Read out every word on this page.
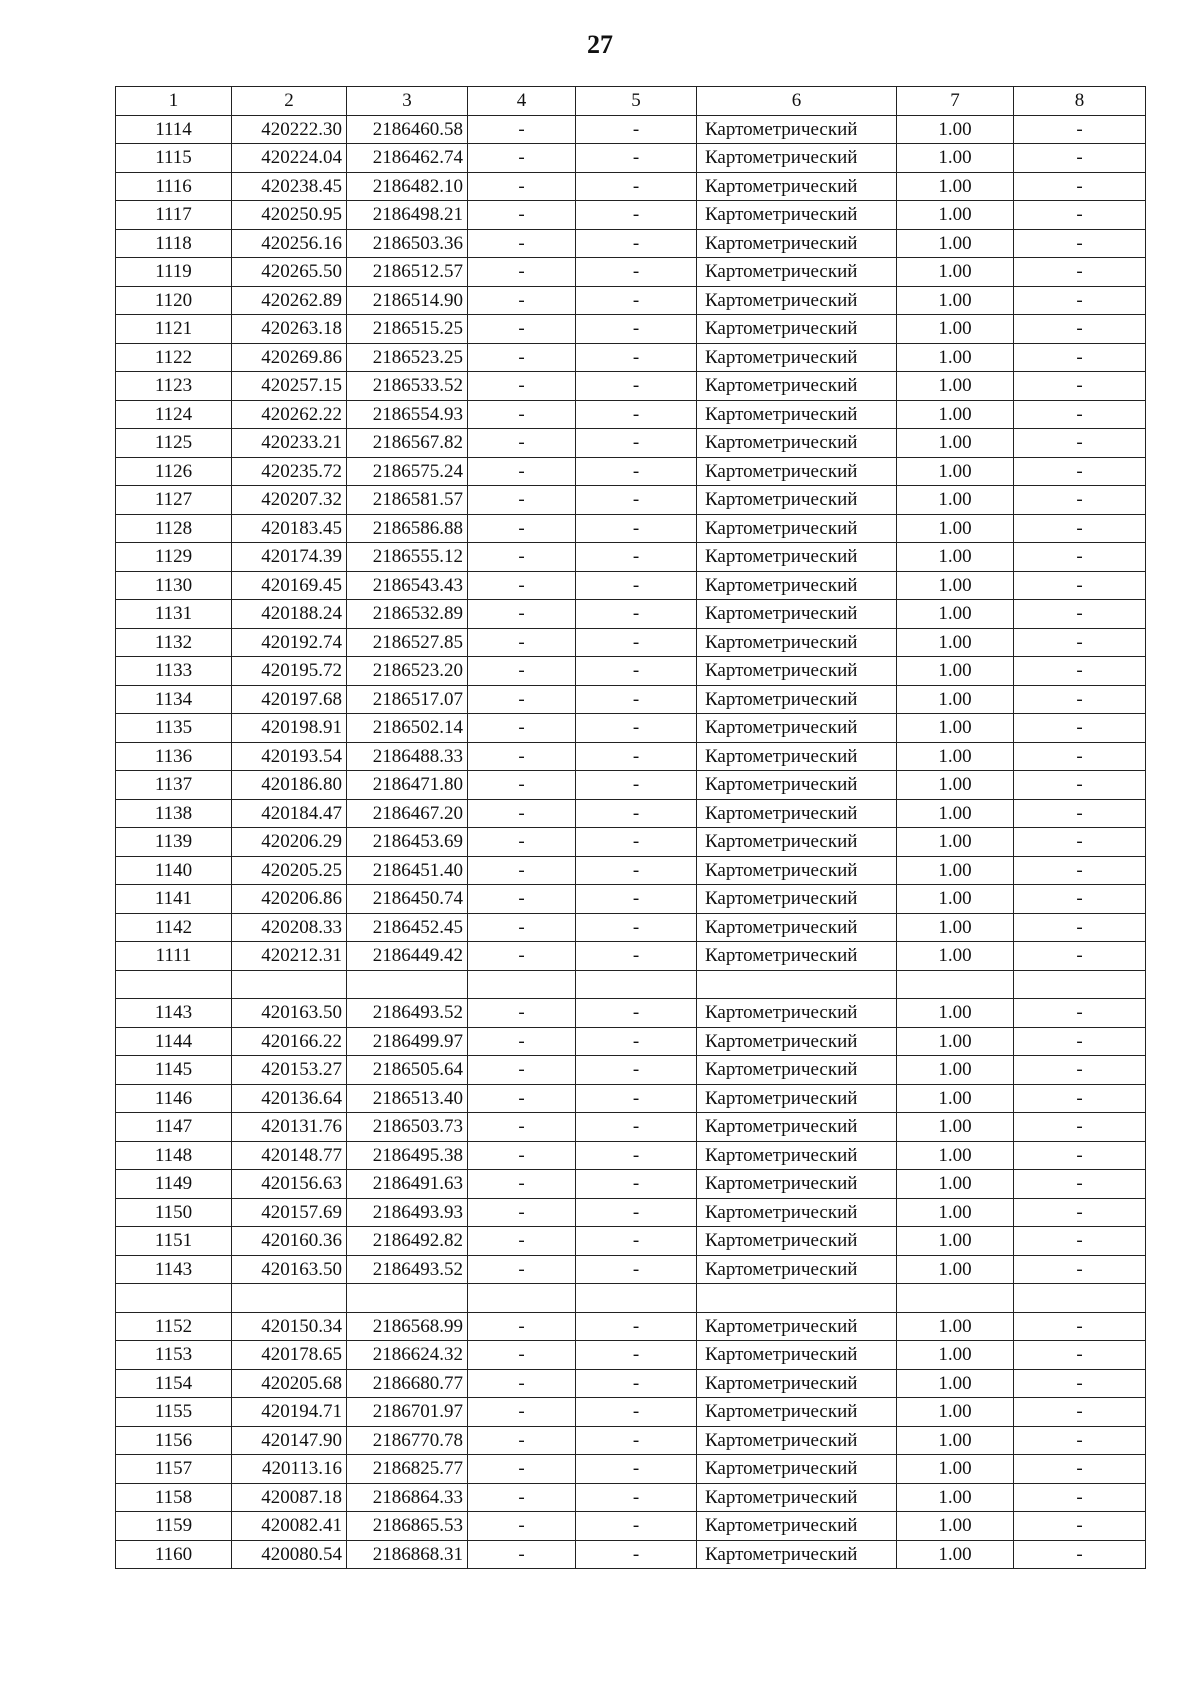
27
1	2	3	4	5	6	7	8
1114	420222.30	2186460.58	-	-	Картометрический	1.00	-
1115	420224.04	2186462.74	-	-	Картометрический	1.00	-
1116	420238.45	2186482.10	-	-	Картометрический	1.00	-
1117	420250.95	2186498.21	-	-	Картометрический	1.00	-
1118	420256.16	2186503.36	-	-	Картометрический	1.00	-
1119	420265.50	2186512.57	-	-	Картометрический	1.00	-
1120	420262.89	2186514.90	-	-	Картометрический	1.00	-
1121	420263.18	2186515.25	-	-	Картометрический	1.00	-
1122	420269.86	2186523.25	-	-	Картометрический	1.00	-
1123	420257.15	2186533.52	-	-	Картометрический	1.00	-
1124	420262.22	2186554.93	-	-	Картометрический	1.00	-
1125	420233.21	2186567.82	-	-	Картометрический	1.00	-
1126	420235.72	2186575.24	-	-	Картометрический	1.00	-
1127	420207.32	2186581.57	-	-	Картометрический	1.00	-
1128	420183.45	2186586.88	-	-	Картометрический	1.00	-
1129	420174.39	2186555.12	-	-	Картометрический	1.00	-
1130	420169.45	2186543.43	-	-	Картометрический	1.00	-
1131	420188.24	2186532.89	-	-	Картометрический	1.00	-
1132	420192.74	2186527.85	-	-	Картометрический	1.00	-
1133	420195.72	2186523.20	-	-	Картометрический	1.00	-
1134	420197.68	2186517.07	-	-	Картометрический	1.00	-
1135	420198.91	2186502.14	-	-	Картометрический	1.00	-
1136	420193.54	2186488.33	-	-	Картометрический	1.00	-
1137	420186.80	2186471.80	-	-	Картометрический	1.00	-
1138	420184.47	2186467.20	-	-	Картометрический	1.00	-
1139	420206.29	2186453.69	-	-	Картометрический	1.00	-
1140	420205.25	2186451.40	-	-	Картометрический	1.00	-
1141	420206.86	2186450.74	-	-	Картометрический	1.00	-
1142	420208.33	2186452.45	-	-	Картометрический	1.00	-
1111	420212.31	2186449.42	-	-	Картометрический	1.00	-

1143	420163.50	2186493.52	-	-	Картометрический	1.00	-
1144	420166.22	2186499.97	-	-	Картометрический	1.00	-
1145	420153.27	2186505.64	-	-	Картометрический	1.00	-
1146	420136.64	2186513.40	-	-	Картометрический	1.00	-
1147	420131.76	2186503.73	-	-	Картометрический	1.00	-
1148	420148.77	2186495.38	-	-	Картометрический	1.00	-
1149	420156.63	2186491.63	-	-	Картометрический	1.00	-
1150	420157.69	2186493.93	-	-	Картометрический	1.00	-
1151	420160.36	2186492.82	-	-	Картометрический	1.00	-
1143	420163.50	2186493.52	-	-	Картометрический	1.00	-

1152	420150.34	2186568.99	-	-	Картометрический	1.00	-
1153	420178.65	2186624.32	-	-	Картометрический	1.00	-
1154	420205.68	2186680.77	-	-	Картометрический	1.00	-
1155	420194.71	2186701.97	-	-	Картометрический	1.00	-
1156	420147.90	2186770.78	-	-	Картометрический	1.00	-
1157	420113.16	2186825.77	-	-	Картометрический	1.00	-
1158	420087.18	2186864.33	-	-	Картометрический	1.00	-
1159	420082.41	2186865.53	-	-	Картометрический	1.00	-
1160	420080.54	2186868.31	-	-	Картометрический	1.00	-
